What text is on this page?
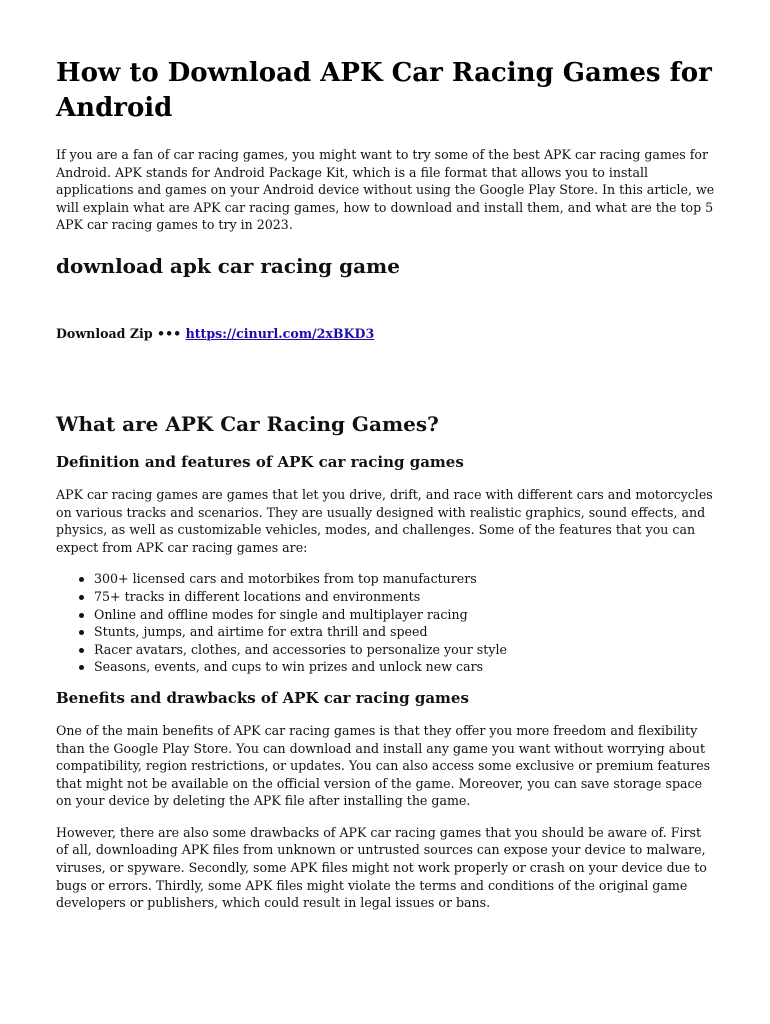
How to Download APK Car Racing Games for Android

If you are a fan of car racing games, you might want to try some of the best APK car racing games for Android. APK stands for Android Package Kit, which is a file format that allows you to install applications and games on your Android device without using the Google Play Store. In this article, we will explain what are APK car racing games, how to download and install them, and what are the top 5 APK car racing games to try in 2023.

download apk car racing game
Download Zip ••• https://cinurl.com/2xBKD3
What are APK Car Racing Games?
Definition and features of APK car racing games

APK car racing games are games that let you drive, drift, and race with different cars and motorcycles on various tracks and scenarios. They are usually designed with realistic graphics, sound effects, and physics, as well as customizable vehicles, modes, and challenges. Some of the features that you can expect from APK car racing games are:

300+ licensed cars and motorbikes from top manufacturers
75+ tracks in different locations and environments
Online and offline modes for single and multiplayer racing
Stunts, jumps, and airtime for extra thrill and speed
Racer avatars, clothes, and accessories to personalize your style
Seasons, events, and cups to win prizes and unlock new cars
Benefits and drawbacks of APK car racing games

One of the main benefits of APK car racing games is that they offer you more freedom and flexibility than the Google Play Store. You can download and install any game you want without worrying about compatibility, region restrictions, or updates. You can also access some exclusive or premium features that might not be available on the official version of the game. Moreover, you can save storage space on your device by deleting the APK file after installing the game.

However, there are also some drawbacks of APK car racing games that you should be aware of. First of all, downloading APK files from unknown or untrusted sources can expose your device to malware, viruses, or spyware. Secondly, some APK files might not work properly or crash on your device due to bugs or errors. Thirdly, some APK files might violate the terms and conditions of the original game developers or publishers, which could result in legal issues or bans.
